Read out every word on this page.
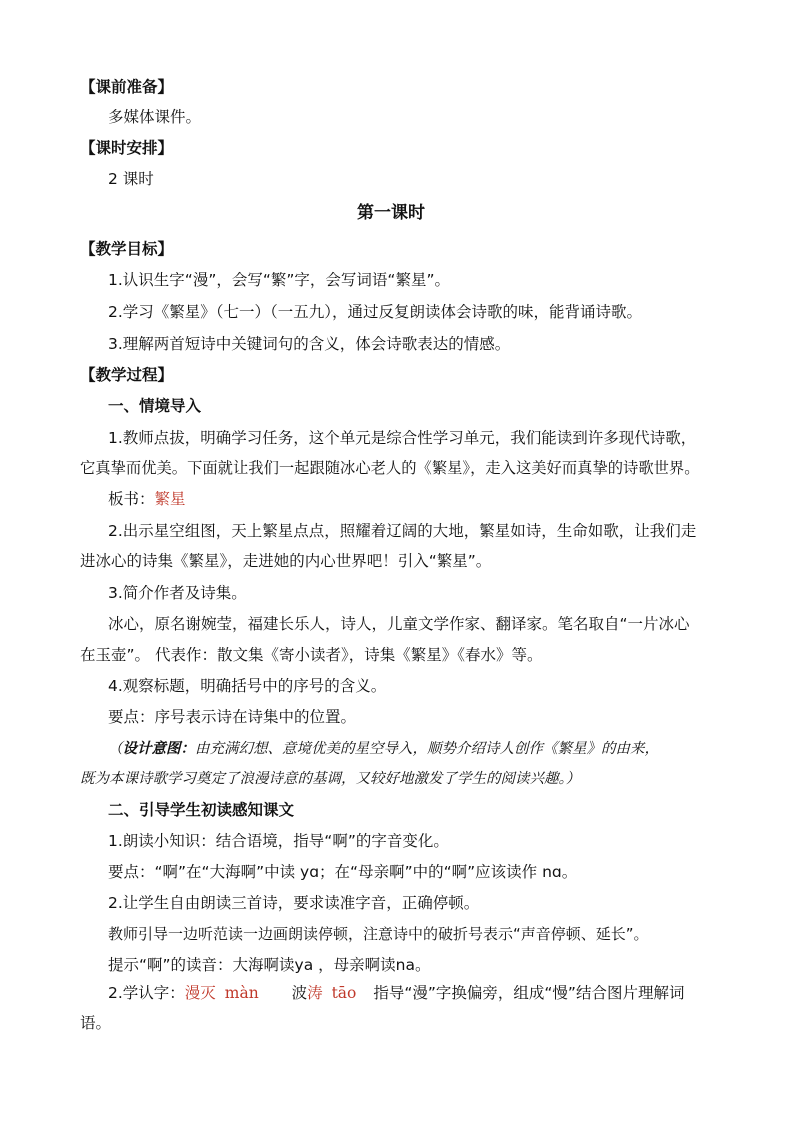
【课前准备】
多媒体课件。
【课时安排】
2 课时
第一课时
【教学目标】
1.认识生字“漫”，会写“繁”字，会写词语“繁星”。
2.学习《繁星》（七一）（一五九），通过反复朗读体会诗歌的味，能背诵诗歌。
3.理解两首短诗中关键词句的含义，体会诗歌表达的情感。
【教学过程】
一、情境导入
1.教师点拔，明确学习任务，这个单元是综合性学习单元，我们能读到许多现代诗歌，
它真挚而优美。下面就让我们一起跟随冰心老人的《繁星》，走入这美好而真挚的诗歌世界。
板书：繁星
2.出示星空组图，天上繁星点点，照耀着辽阔的大地，繁星如诗，生命如歌，让我们走
进冰心的诗集《繁星》，走进她的内心世界吧！引入“繁星”。
3.简介作者及诗集。
冰心，原名谢婉莹，福建长乐人，诗人，儿童文学作家、翻译家。笔名取自“一片冰心
在玉壶”。 代表作：散文集《寄小读者》，诗集《繁星》《春水》等。
4.观察标题，明确括号中的序号的含义。
要点：序号表示诗在诗集中的位置。
（设计意图：由充满幻想、意境优美的星空导入，顺势介绍诗人创作《繁星》的由来，
既为本课诗歌学习奠定了浪漫诗意的基调，又较好地激发了学生的阅读兴趣。）
二、引导学生初读感知课文
1.朗读小知识：结合语境，指导“啊”的字音变化。
要点：“啊”在“大海啊”中读 yɑ；在“母亲啊”中的“啊”应该读作 nɑ。
2.让学生自由朗读三首诗，要求读准字音，正确停顿。
教师引导一边听范读一边画朗读停顿，注意诗中的破折号表示“声音停顿、延长”。
提示“啊”的读音：大海啊读ya ，母亲啊读na。
2.学认字：漫灭 màn 波涛 tāo 指导“漫”字换偏旁，组成“慢”结合图片理解词
语。
